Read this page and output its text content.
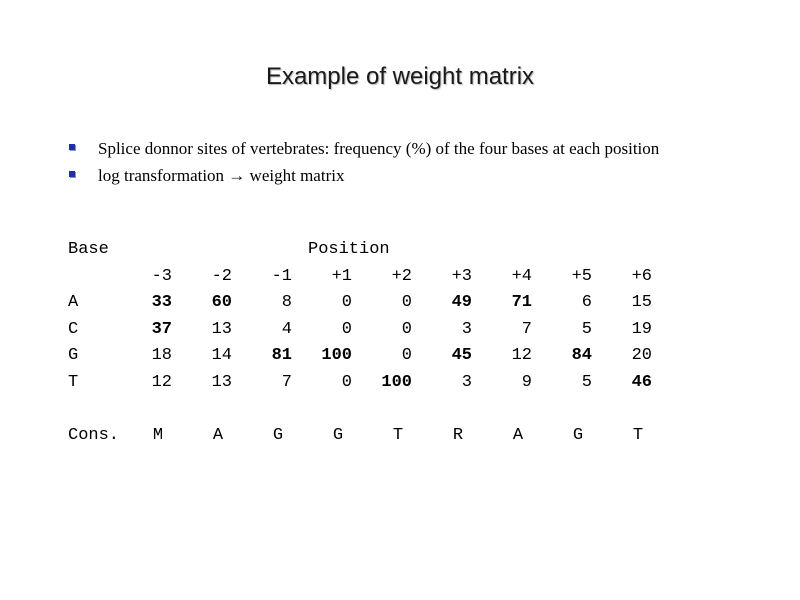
Example of weight matrix
Splice donnor sites of vertebrates: frequency (%) of the four bases at each position
log transformation → weight matrix
Base	Position
-3	-2	-1	+1	+2	+3	+4	+5	+6
A	33	60	8	0	0	49	71	6	15
C	37	13	4	0	0	3	7	5	19
G	18	14	81	100	0	45	12	84	20
T	12	13	7	0	100	3	9	5	46
Cons. M	A	G	G	T	R	A	G	T
